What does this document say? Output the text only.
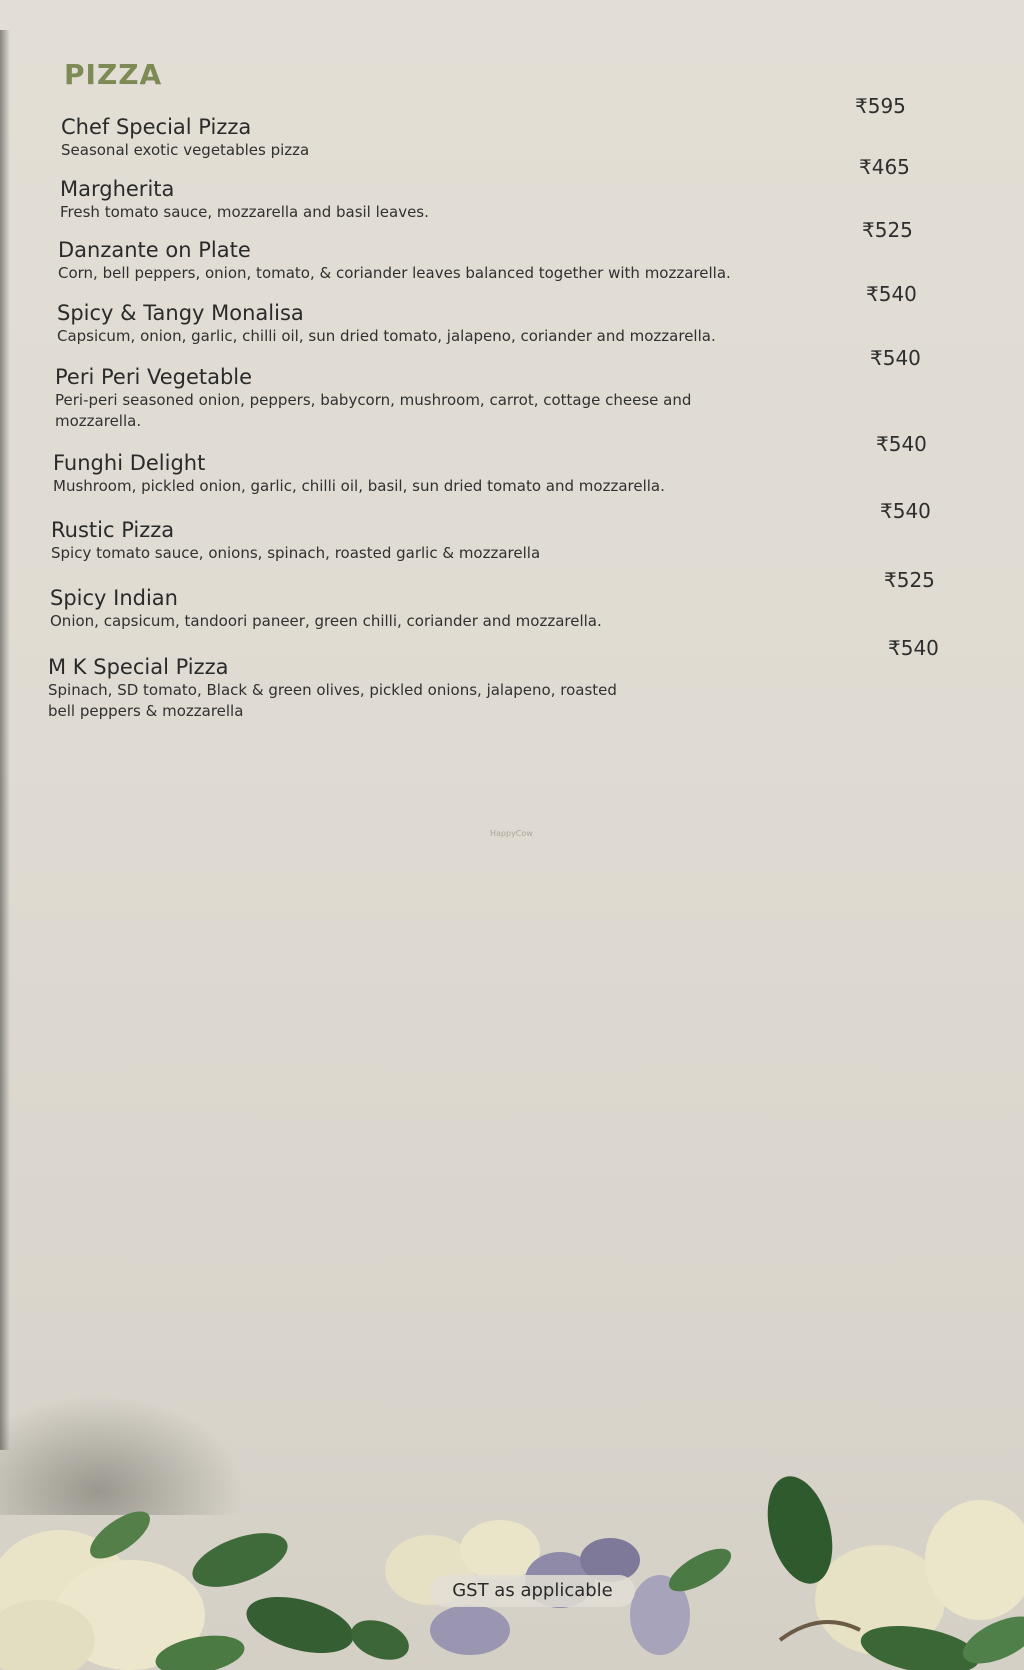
PIZZA
Chef Special Pizza
Seasonal exotic vegetables pizza
₹595
Margherita
Fresh tomato sauce, mozzarella and basil leaves.
₹465
Danzante on Plate
Corn, bell peppers, onion, tomato, & coriander leaves balanced together with mozzarella.
₹525
Spicy & Tangy Monalisa
Capsicum, onion, garlic, chilli oil, sun dried tomato, jalapeno, coriander and mozzarella.
₹540
Peri Peri Vegetable
Peri-peri seasoned onion, peppers, babycorn, mushroom, carrot, cottage cheese and mozzarella.
₹540
Funghi Delight
Mushroom, pickled onion, garlic, chilli oil, basil, sun dried tomato and mozzarella.
₹540
Rustic Pizza
Spicy tomato sauce, onions, spinach, roasted garlic & mozzarella
₹540
Spicy Indian
Onion, capsicum, tandoori paneer, green chilli, coriander and mozzarella.
₹525
M K Special Pizza
Spinach, SD tomato, Black & green olives, pickled onions, jalapeno, roasted bell peppers & mozzarella
₹540
HappyCow
GST as applicable
